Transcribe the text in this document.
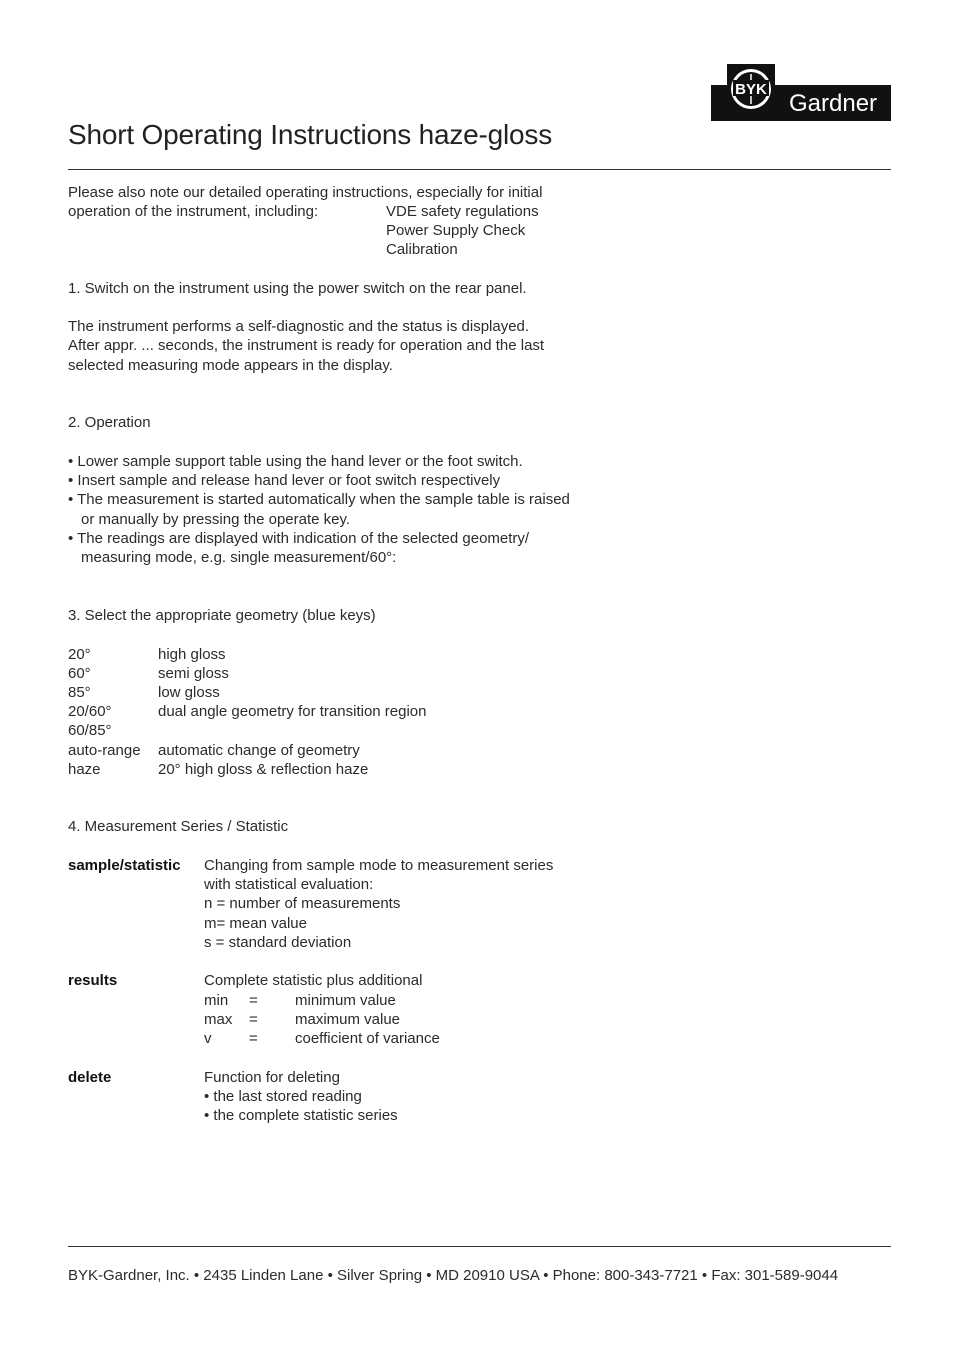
BYK
Gardner
Short Operating Instructions haze-gloss
Please also note our detailed operating instructions, especially for initial
operation of the instrument, including:	VDE safety regulations
Power Supply Check
Calibration
1. Switch on the instrument using the power switch on the rear panel.
The instrument performs a self-diagnostic and the status is displayed.
After appr. ... seconds, the instrument is ready for operation and the last
selected measuring mode appears in the display.
2. Operation
• Lower sample support table using the hand lever or the foot switch.
• Insert sample and release hand lever or foot switch respectively
• The measurement is started automatically when the sample table is raised
or manually by pressing the operate key.
• The readings are displayed with indication of the selected geometry/
measuring mode, e.g. single measurement/60°:
3. Select the appropriate geometry (blue keys)
20°	high gloss
60°	semi gloss
85°	low gloss
20/60°	dual angle geometry for transition region
60/85°
auto-range automatic change of geometry
haze	20° high gloss & reflection haze
4. Measurement Series / Statistic
sample/statistic Changing from sample mode to measurement series
with statistical evaluation:
n = number of measurements
m= mean value
s = standard deviation
results	Complete statistic plus additional
min = minimum value
max = maximum value
v	= coefficient of variance
delete	Function for deleting
• the last stored reading
• the complete statistic series
BYK-Gardner, Inc. • 2435 Linden Lane • Silver Spring • MD 20910 USA • Phone: 800-343-7721 • Fax: 301-589-9044
